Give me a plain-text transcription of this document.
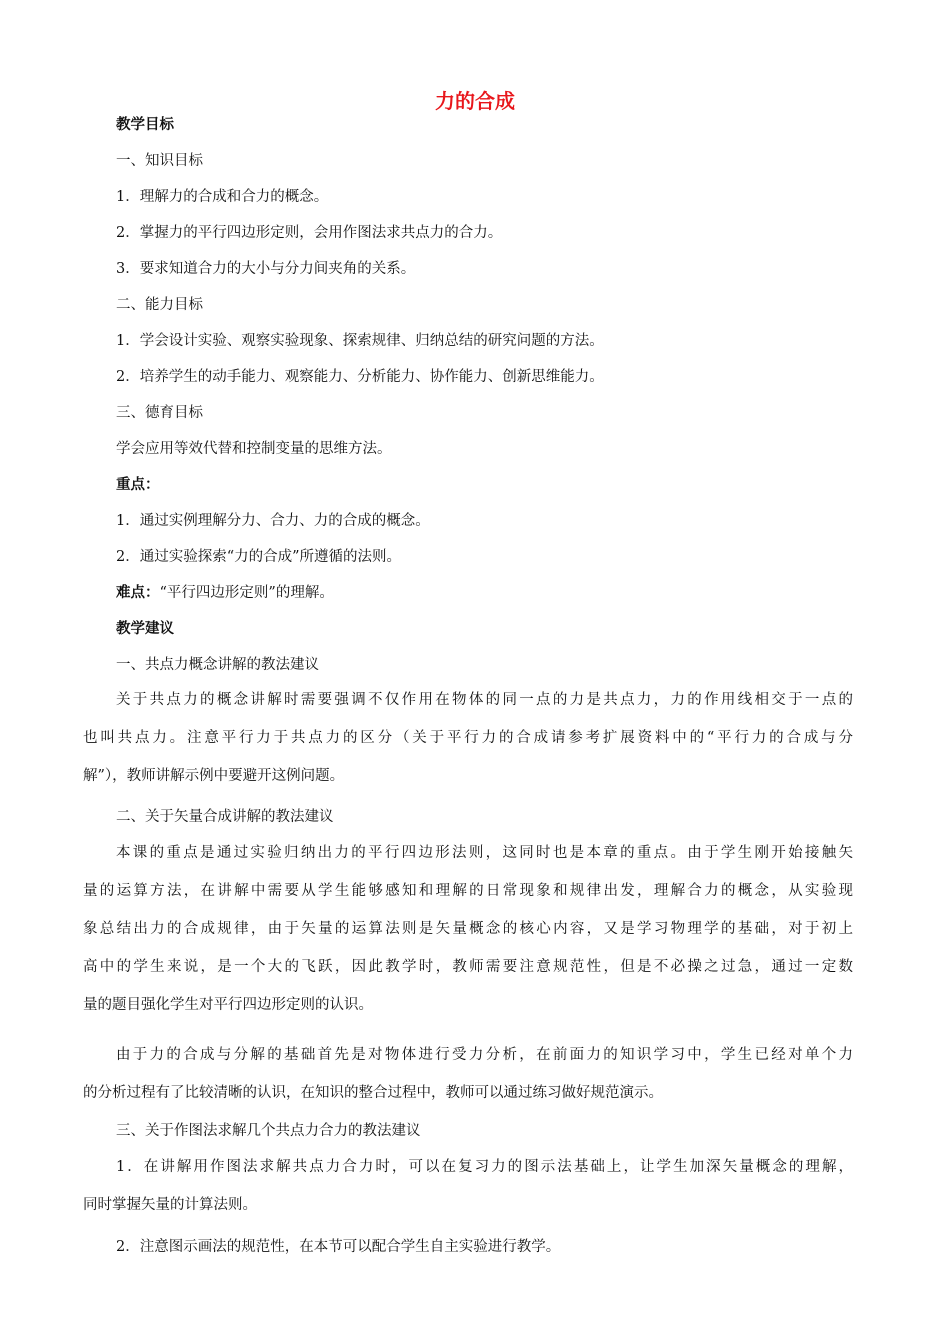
力的合成
教学目标
一、知识目标
1．理解力的合成和合力的概念。
2．掌握力的平行四边形定则，会用作图法求共点力的合力。
3．要求知道合力的大小与分力间夹角的关系。
二、能力目标
1．学会设计实验、观察实验现象、探索规律、归纳总结的研究问题的方法。
2．培养学生的动手能力、观察能力、分析能力、协作能力、创新思维能力。
三、德育目标
学会应用等效代替和控制变量的思维方法。
重点：
1．通过实例理解分力、合力、力的合成的概念。
2．通过实验探索“力的合成”所遵循的法则。
难点：“平行四边形定则”的理解。
教学建议
一、共点力概念讲解的教法建议
关于共点力的概念讲解时需要强调不仅作用在物体的同一点的力是共点力，力的作用线相交于一点的
也叫共点力。注意平行力于共点力的区分（关于平行力的合成请参考扩展资料中的“平行力的合成与分
解”），教师讲解示例中要避开这例问题。
二、关于矢量合成讲解的教法建议
本课的重点是通过实验归纳出力的平行四边形法则，这同时也是本章的重点。由于学生刚开始接触矢
量的运算方法，在讲解中需要从学生能够感知和理解的日常现象和规律出发，理解合力的概念，从实验现
象总结出力的合成规律，由于矢量的运算法则是矢量概念的核心内容，又是学习物理学的基础，对于初上
高中的学生来说，是一个大的飞跃，因此教学时，教师需要注意规范性，但是不必操之过急，通过一定数
量的题目强化学生对平行四边形定则的认识。
由于力的合成与分解的基础首先是对物体进行受力分析，在前面力的知识学习中，学生已经对单个力
的分析过程有了比较清晰的认识，在知识的整合过程中，教师可以通过练习做好规范演示。
三、关于作图法求解几个共点力合力的教法建议
1．在讲解用作图法求解共点力合力时，可以在复习力的图示法基础上，让学生加深矢量概念的理解，
同时掌握矢量的计算法则。
2．注意图示画法的规范性，在本节可以配合学生自主实验进行教学。
